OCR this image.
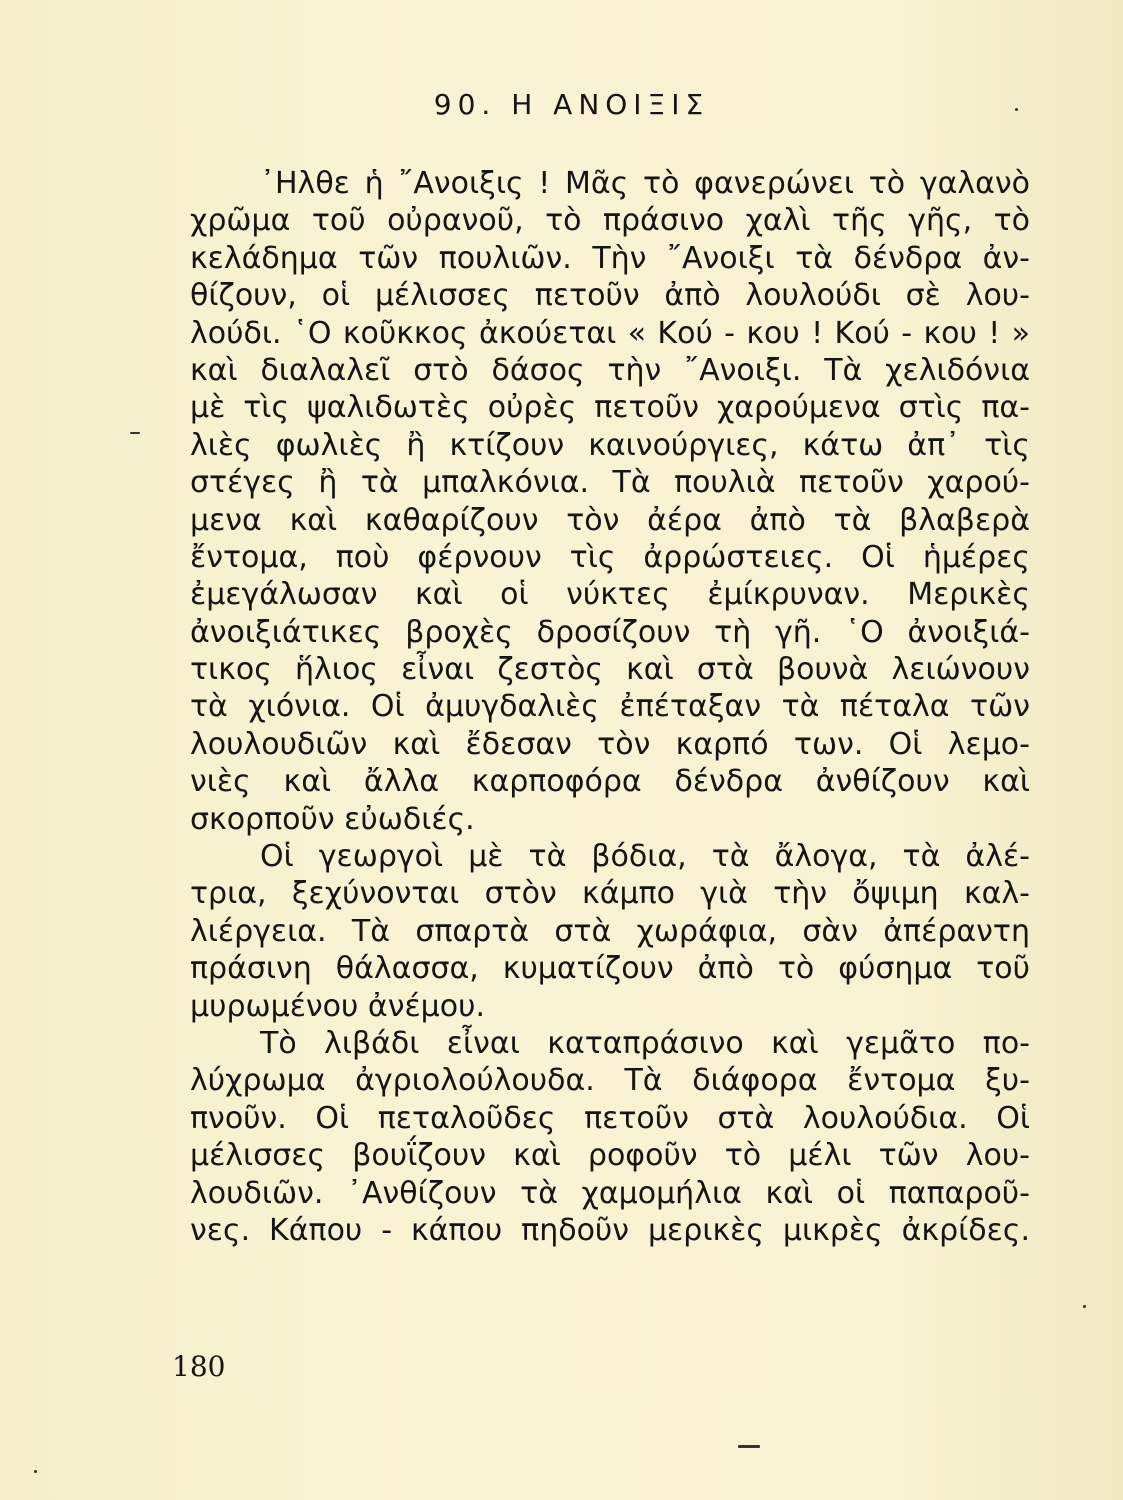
90. Η ΑΝΟΙΞΙΣ
᾿Ηλθε ἡ ῎Ανοιξις ! Μᾶς τὸ φανερώνει τὸ γαλανὸ
χρῶμα τοῦ οὐρανοῦ, τὸ πράσινο χαλὶ τῆς γῆς, τὸ
κελάδημα τῶν πουλιῶν. Τὴν ῎Ανοιξι τὰ δένδρα ἀν-
θίζουν, οἱ μέλισσες πετοῦν ἀπὸ λουλούδι σὲ λου-
λούδι. ῾Ο κοῦκκος ἀκούεται « Κού - κου ! Κού - κου ! »
καὶ διαλαλεῖ στὸ δάσος τὴν ῎Ανοιξι. Τὰ χελιδόνια
μὲ τὶς ψαλιδωτὲς οὐρὲς πετοῦν χαρούμενα στὶς πα-
λιὲς φωλιὲς ἢ κτίζουν καινούργιες, κάτω ἀπ᾿ τὶς
στέγες ἢ τὰ μπαλκόνια. Τὰ πουλιὰ πετοῦν χαρού-
μενα καὶ καθαρίζουν τὸν ἀέρα ἀπὸ τὰ βλαβερὰ
ἔντομα, ποὺ φέρνουν τὶς ἀρρώστειες. Οἱ ἡμέρες
ἐμεγάλωσαν καὶ οἱ νύκτες ἐμίκρυναν. Μερικὲς
ἀνοιξιάτικες βροχὲς δροσίζουν τὴ γῆ. ῾Ο ἀνοιξιά-
τικος ἥλιος εἶναι ζεστὸς καὶ στὰ βουνὰ λειώνουν
τὰ χιόνια. Οἱ ἀμυγδαλιὲς ἐπέταξαν τὰ πέταλα τῶν
λουλουδιῶν καὶ ἔδεσαν τὸν καρπό των. Οἱ λεμο-
νιὲς καὶ ἄλλα καρποφόρα δένδρα ἀνθίζουν καὶ
σκορποῦν εὐωδιές.
Οἱ γεωργοὶ μὲ τὰ βόδια, τὰ ἄλογα, τὰ ἀλέ-
τρια, ξεχύνονται στὸν κάμπο γιὰ τὴν ὄψιμη καλ-
λιέργεια. Τὰ σπαρτὰ στὰ χωράφια, σὰν ἀπέραντη
πράσινη θάλασσα, κυματίζουν ἀπὸ τὸ φύσημα τοῦ
μυρωμένου ἀνέμου.
Τὸ λιβάδι εἶναι καταπράσινο καὶ γεμᾶτο πο-
λύχρωμα ἀγριολούλουδα. Τὰ διάφορα ἔντομα ξυ-
πνοῦν. Οἱ πεταλοῦδες πετοῦν στὰ λουλούδια. Οἱ
μέλισσες βουΐζουν καὶ ροφοῦν τὸ μέλι τῶν λου-
λουδιῶν. ᾿Ανθίζουν τὰ χαμομήλια καὶ οἱ παπαροῦ-
νες. Κάπου - κάπου πηδοῦν μερικὲς μικρὲς ἀκρίδες.
180
